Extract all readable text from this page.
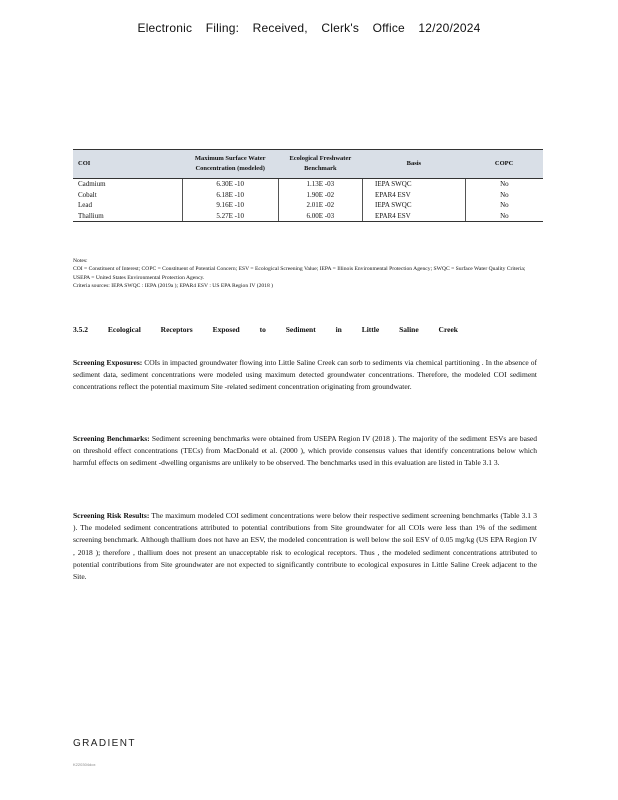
Electronic Filing: Received, Clerk's Office 12/20/2024
COI	Maximum Surface Water Concentration (modeled)	Ecological Freshwater Benchmark	Basis	COPC
Cadmium	6.30E -10	1.13E -03	IEPA SWQC	No
Cobalt	6.18E -10	1.90E -02	EPAR4 ESV	No
Lead	9.16E -10	2.01E -02	IEPA SWQC	No
Thallium	5.27E -10	6.00E -03	EPAR4 ESV	No
Notes:
COI = Constituent of Interest; COPC = Constituent of Potential Concern; ESV = Ecological Screening Value; IEPA = Illinois Environmental Protection Agency; SWQC = Surface Water Quality Criteria; USEPA = United States Environmental Protection Agency.
Criteria sources: IEPA SWQC : IEPA (2019a ); EPAR4 ESV : US EPA Region IV (2018 )
3.5.2 Ecological Receptors Exposed to Sediment in Little Saline Creek
Screening Exposures: COIs in impacted groundwater flowing into Little Saline Creek can sorb to sediments via chemical partitioning . In the absence of sediment data, sediment concentrations were modeled using maximum detected groundwater concentrations. Therefore, the modeled COI sediment concentrations reflect the potential maximum Site -related sediment concentration originating from groundwater.
Screening Benchmarks: Sediment screening benchmarks were obtained from USEPA Region IV (2018 ). The majority of the sediment ESVs are based on threshold effect concentrations (TECs) from MacDonald et al. (2000 ), which provide consensus values that identify concentrations below which harmful effects on sediment -dwelling organisms are unlikely to be observed. The benchmarks used in this evaluation are listed in Table 3.1 3.
Screening Risk Results: The maximum modeled COI sediment concentrations were below their respective sediment screening benchmarks (Table 3.1 3 ). The modeled sediment concentrations attributed to potential contributions from Site groundwater for all COIs were less than 1% of the sediment screening benchmark. Although thallium does not have an ESV, the modeled concentration is well below the soil ESV of 0.05 mg/kg (US EPA Region IV , 2018 ); therefore , thallium does not present an unacceptable risk to ecological receptors. Thus , the modeled sediment concentrations attributed to potential contributions from Site groundwater are not expected to significantly contribute to ecological exposures in Little Saline Creek adjacent to the Site.
GRADIENT
K220304dox
